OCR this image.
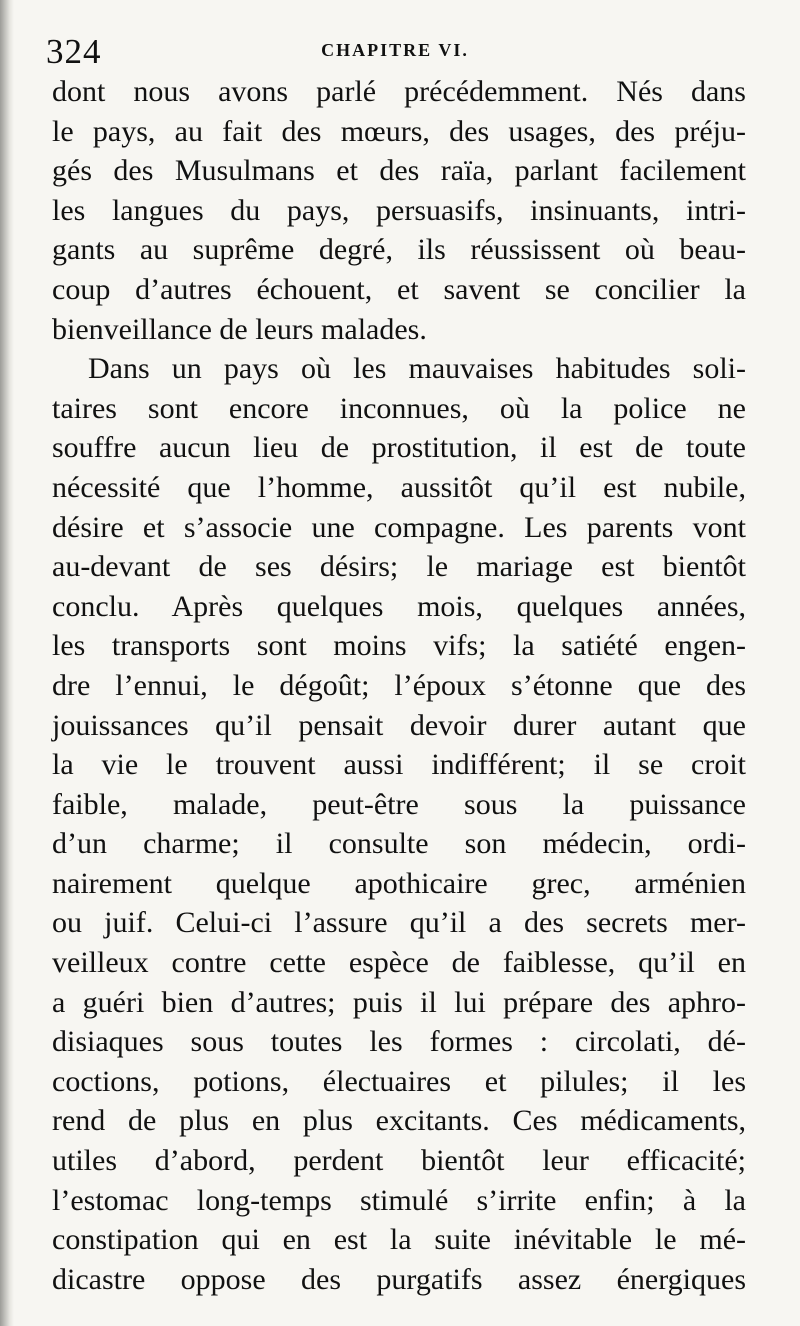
324	CHAPITRE VI.
dont nous avons parlé précédemment. Nés dans
le pays, au fait des mœurs, des usages, des préju-
gés des Musulmans et des raïa, parlant facilement
les langues du pays, persuasifs, insinuants, intri-
gants au suprême degré, ils réussissent où beau-
coup d’autres échouent, et savent se concilier la
bienveillance de leurs malades.
Dans un pays où les mauvaises habitudes soli-
taires sont encore inconnues, où la police ne
souffre aucun lieu de prostitution, il est de toute
nécessité que l’homme, aussitôt qu’il est nubile,
désire et s’associe une compagne. Les parents vont
au-devant de ses désirs; le mariage est bientôt
conclu. Après quelques mois, quelques années,
les transports sont moins vifs; la satiété engen-
dre l’ennui, le dégoût; l’époux s’étonne que des
jouissances qu’il pensait devoir durer autant que
la vie le trouvent aussi indifférent; il se croit
faible, malade, peut-être sous la puissance
d’un charme; il consulte son médecin, ordi-
nairement quelque apothicaire grec, arménien
ou juif. Celui-ci l’assure qu’il a des secrets mer-
veilleux contre cette espèce de faiblesse, qu’il en
a guéri bien d’autres; puis il lui prépare des aphro-
disiaques sous toutes les formes : circolati, dé-
coctions, potions, électuaires et pilules; il les
rend de plus en plus excitants. Ces médicaments,
utiles d’abord, perdent bientôt leur efficacité;
l’estomac long-temps stimulé s’irrite enfin; à la
constipation qui en est la suite inévitable le mé-
dicastre oppose des purgatifs assez énergiques
